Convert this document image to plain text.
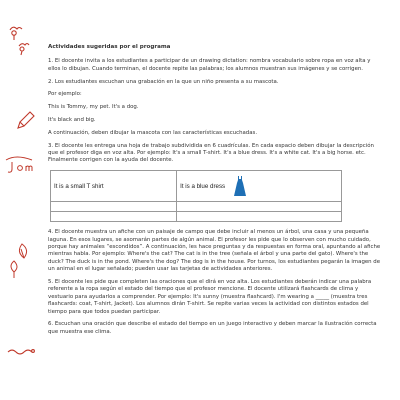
Actividades sugeridas por el programa

1. El docente invita a los estudiantes a participar de un drawing dictation: nombra vocabulario sobre ropa en voz alta y ellos lo dibujan. Cuando terminan, el docente repite las palabras; los alumnos muestran sus imágenes y se corrigen.

2. Los estudiantes escuchan una grabación en la que un niño presenta a su mascota.

Por ejemplo:

This is Tommy, my pet. It's a dog.

It's black and big.

A continuación, deben dibujar la mascota con las características escuchadas.

3. El docente les entrega una hoja de trabajo subdividida en 6 cuadrículas. En cada espacio deben dibujar la descripción que el profesor diga en voz alta. Por ejemplo: It's a small T-shirt. It's a blue dress. It's a white cat. It's a big horse. etc. Finalmente corrigen con la ayuda del docente.

It is a small T shirt	It is a blue dress

4. El docente muestra un afiche con un paisaje de campo que debe incluir al menos un árbol, una casa y una pequeña laguna. En esos lugares, se asomarán partes de algún animal. El profesor les pide que lo observen con mucho cuidado, porque hay animales “escondidos”. A continuación, les hace preguntas y da respuestas en forma oral, apuntando al afiche mientras habla. Por ejemplo: Where's the cat? The cat is in the tree (señala el árbol y una parte del gato). Where's the duck? The duck is in the pond. Where's the dog? The dog is in the house. Por turnos, los estudiantes pegarán la imagen de un animal en el lugar señalado; pueden usar las tarjetas de actividades anteriores.

5. El docente les pide que completen las oraciones que el dirá en voz alta. Los estudiantes deberán indicar una palabra referente a la ropa según el estado del tiempo que el profesor mencione. El docente utilizará flashcards de clima y vestuario para ayudarlos a comprender. Por ejemplo: It's sunny (muestra flashcard). I'm wearing a _____ (muestra tres flashcards: coat, T-shirt, Jacket). Los alumnos dirán T-shirt. Se repite varias veces la actividad con distintos estados del tiempo para que todos puedan participar.

6. Escuchan una oración que describe el estado del tiempo en un juego interactivo y deben marcar la ilustración correcta que muestra ese clima.
